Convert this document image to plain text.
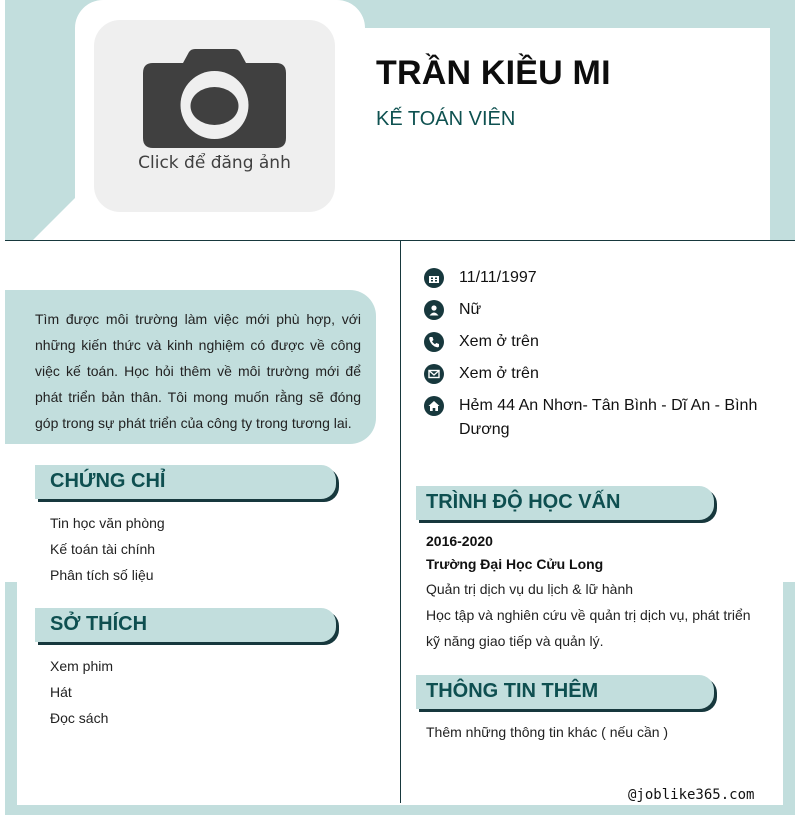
Click để đăng ảnh
TRẦN KIỀU MI
KẾ TOÁN VIÊN

Tìm được môi trường làm việc mới phù hợp, với những kiến thức và kinh nghiệm có được về công việc kế toán. Học hỏi thêm về môi trường mới để phát triển bản thân. Tôi mong muốn rằng sẽ đóng góp trong sự phát triển của công ty trong tương lai.

CHỨNG CHỈ
Tin học văn phòng
Kế toán tài chính
Phân tích số liệu
SỞ THÍCH
Xem phim
Hát
Đọc sách
11/11/1997
Nữ
Xem ở trên
Xem ở trên
Hẻm 44 An Nhơn- Tân Bình - Dĩ An - Bình
Dương
TRÌNH ĐỘ HỌC VẤN
2016-2020
Trường Đại Học Cửu Long
Quản trị dịch vụ du lịch & lữ hành
Học tập và nghiên cứu về quản trị dịch vụ, phát triển kỹ năng giao tiếp và quản lý.
THÔNG TIN THÊM
Thêm những thông tin khác ( nếu cần )
@joblike365.com
